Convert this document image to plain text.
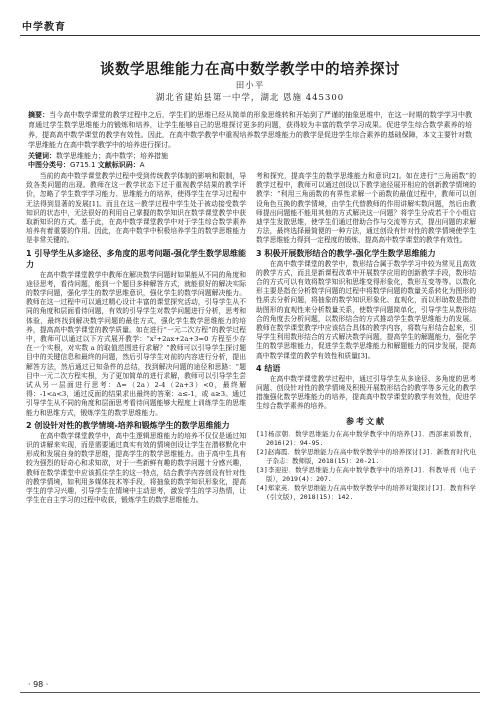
中学教育
谈数学思维能力在高中数学教学中的培养探讨
田小平
湖北省建始县第一中学，湖北 恩施 445300
摘要：当今高中数学课堂的教学过程中之后，学生们的思维已经从简单的形象思维转和开始到了严谨的抽象思维中，在这一时期的数学学习中教育通过学生数学思维能力的锻炼和培养，让学生能够自己的思维探讨更多的问题，获得较为丰富的数学学习成果。促进学生综合数学素养的培养，提高高中数学课堂的教学有效性。因此，在高中数学教学中重视培养数学思维能力的教学是促进学生综合素养的基础保障，本文主要针对数学思维能力在高中数学教学中的培养进行探讨。
关键词：数学思维能力；高中数学；培养措施
中图分类号：G715.1 文献标识码：A

当前的高中数学课堂教学过程中受到传统教学体制的影响和限制，导致各类问题的出现。教师在这一教学状态下过于重视教学结果的教学评价，忽略了学生数学学习能力、思维能力的培养，使得学生在学习过程中无法得到显著的发展[1]。而且在这一教学过程中学生处于被动接受数学知识的状态中，无法很好的利用自己掌握的数学知识在数学课堂教学中获取新知识的方式。基于此，在高中数学课堂教学中对于学生综合数学素养培养有着重要的作用。因此，在高中数学中积极培养学生的数学思维能力是非常关键的。

1 引导学生从多途径、多角度的思考问题-强化学生数学思维能力

在高中数学课堂教学中教师在解决数学问题时如果能从不同的角度和途径思考，看待问题，能到一个题目多种解答方式，就能很好的解决实际的数学问题，强化学生的数学思维意识，强化学生的数学问题解决能力。教师在这一过程中可以通过精心设计丰富的课堂探究活动，引导学生从不同的角度和层面看待问题，有效的引导学生对数学问题进行分析，思考和体验，最终找到解决数学问题的最佳方式，强化学生数学思维能力的培养，提高高中数学课堂的教学质量。如在进行“一元二次方程”的教学过程中，教师可以通过以下方式展开教学：“x²+2ax+2a+3=0 方程至少存在一个实根，对实数 a 的取值范围进行求解？”教师可以引导学生探讨题目中的关键信息和最终的问题，然后引导学生对前的内容进行分析，提出解答方法，然后通过已知条件的总结，找到解决问题的途径和思路：“题目中一元二次方程实根，为了更加简单的进行求解，教师可以引导学生尝试从另一层面进行思考：Δ=（2a）2-4（2a+3）<0，最终解得：-1<a<3，通过反面的结果求出最终的答案：a≤-1，或 a≥3。通过引导学生从不同的角度和层面思考看待问题能够大程度上训练学生的思维能力和思维方式，锻炼学生的数学思维能力。

2 创设针对性的教学情境-培养和锻炼学生的数学思维能力

在高中数学课堂教学中，高中生逻辑思维能力的培养不仅仅是通过知识的讲解来实现，而是需要通过真实有效的情境创设让学生在潜移默化中形成和发展自身的数学思维，提高学生的数学思维能力。由于高中生具有较为强烈的好奇心和求知欲，对于一些新鲜有趣的数学问题十分感兴趣，教师在数学课堂中应该抓住学生的这一特点，结合教学内容创设有针对性的教学情境，如利用多媒体技术等手段，将抽象的数学知识形象化，提高学生的学习兴趣，引导学生在情境中主动思考，激发学生的学习热情，让学生在自主学习的过程中收获，锻炼学生的数学思维能力。

考和探究，提高学生的数学思维能力和意识[2]。如在进行“三角函数”的教学过程中，教师可以通过创设以下教学途径展开相应的创新教学情境的教学：“利用三角函数的有界性求解一个函数的最值过程中，教师可以创设角色互换的教学情境，由学生代替教师的作用讲解实数问题，然后由教师提出问题能不能用其他的方式解决这一问题？将学生分成若干个小组启迪学生发散思维，使学生们通过借助合作与交流等方式，提出问题的求解方法，最终选择最简便的一种方法，通过创设有针对性的教学情境使学生数学思维能力得到一定程度的锻炼，提高高中数学课堂的教学有效性。

3 积极开展数形结合的教学-强化学生数学思维能力

在高中数学课堂的教学中，数形结合属于数学学习中较为常见且高效的教学方式，而且是新课程改革中开展数学应用的创新教学手段，数形结合的方式可以有效将数学知识和思维变得形象化，数形互变等等。以数化形主要是指在分析数学问题的过程中将数学问题的数量关系转化为图形的性质去分析问题，将抽象的数学知识形象化、直观化，而以形助数是指借助图形的直观性来分析数量关系，使数学问题简单化，引导学生从数形结合的角度去分析问题，以数形结合的方式推动学生数学思维能力的发展。教师在数学课堂教学中应该结合具体的教学内容，将数与形结合起来，引导学生利用数形结合的方式解决数学问题，提高学生的解题能力，强化学生的数学思维能力，促进学生数学思维能力和解题能力的同步发展，提高高中数学课堂的教学有效性和质量[3]。

4 结语

在高中数学课堂教学过程中，通过引导学生从多途径、多角度的思考问题、创设针对性的教学情境及积极开展数形结合的教学等多元化的教学措施强化数学思维能力的培养，提高高中数学课堂的教学有效性，促进学生综合数学素养的培养。

参考文献
[1]杨彦朝．数学思维能力在高中数学教学中的培养[J]．西部素质教育，2016(2)：94-95.
[2]赵海霞．数学思维能力在高中数学教学中的培养探讨[J]．新教育时代电子杂志：教师版，2018(15)：20-21.
[3]李迎迎．数学思维能力在高中数学教学中的培养[J]．科教导刊（电子版），2019(4)：207.
[4]郑家英．数学思维能力在高中数学教学中的培养对策探讨[J]．教育科学(引文版)，2018(15)：142.
· 98 ·
